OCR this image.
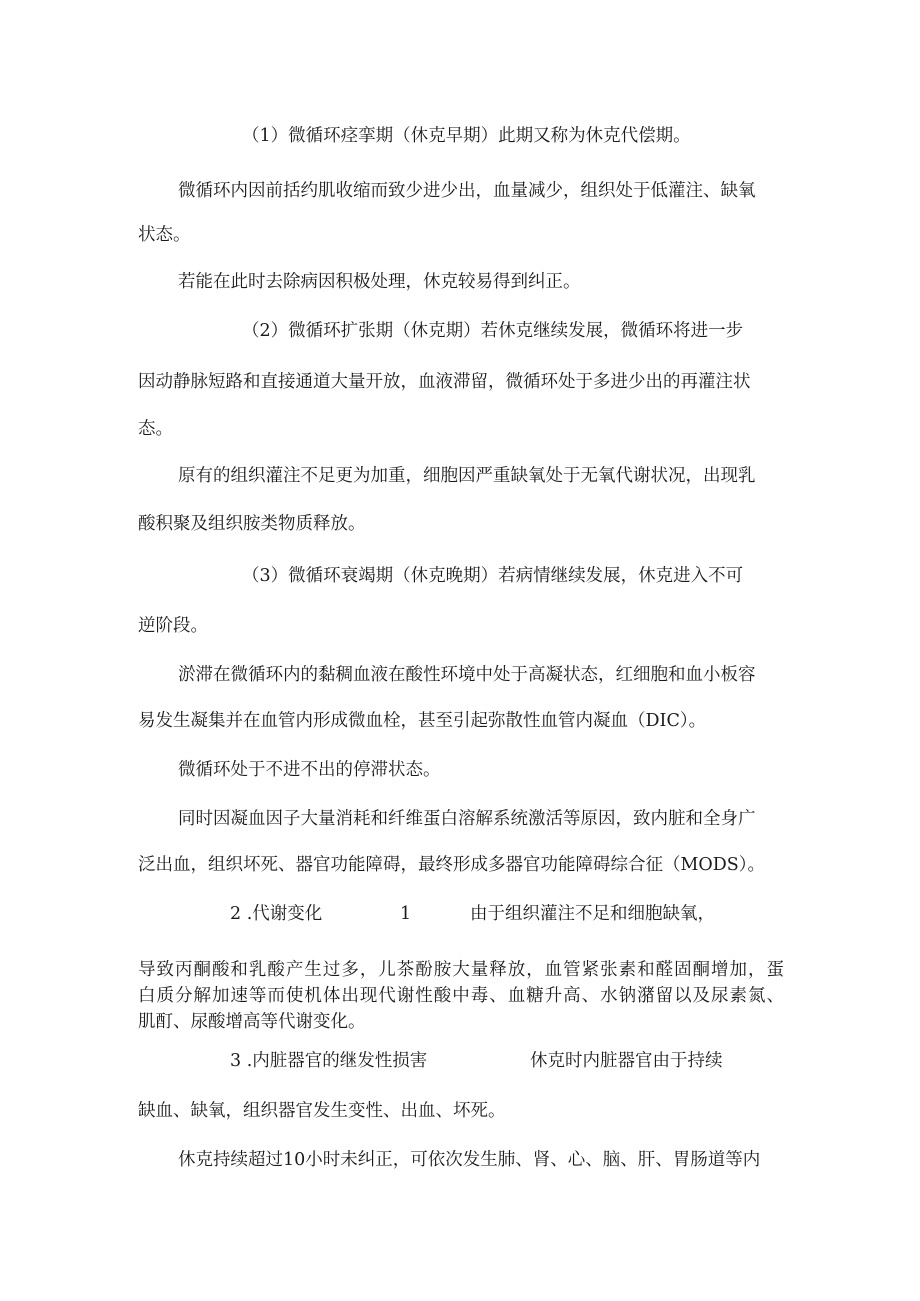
（1）微循环痉挛期（休克早期）此期又称为休克代偿期。
微循环内因前括约肌收缩而致少进少出，血量减少，组织处于低灌注、缺氧
状态。
若能在此时去除病因积极处理，休克较易得到纠正。
（2）微循环扩张期（休克期）若休克继续发展，微循环将进一步
因动静脉短路和直接通道大量开放，血液滞留，微循环处于多进少出的再灌注状
态。
原有的组织灌注不足更为加重，细胞因严重缺氧处于无氧代谢状况，出现乳
酸积聚及组织胺类物质释放。
（3）微循环衰竭期（休克晚期）若病情继续发展，休克进入不可
逆阶段。
淤滞在微循环内的黏稠血液在酸性环境中处于高凝状态，红细胞和血小板容
易发生凝集并在血管内形成微血栓，甚至引起弥散性血管内凝血（DIC）。
微循环处于不进不出的停滞状态。
同时因凝血因子大量消耗和纤维蛋白溶解系统激活等原因，致内脏和全身广
泛出血，组织坏死、器官功能障碍，最终形成多器官功能障碍综合征（MODS）。
2 .代谢变化	1	由于组织灌注不足和细胞缺氧，
导致丙酮酸和乳酸产生过多，儿茶酚胺大量释放，血管紧张素和醛固酮增加，蛋
白质分解加速等而使机体出现代谢性酸中毒、血糖升高、水钠潴留以及尿素氮、
肌酊、尿酸增高等代谢变化。
3 .内脏器官的继发性损害	休克时内脏器官由于持续
缺血、缺氧，组织器官发生变性、出血、坏死。
休克持续超过10小时未纠正，可依次发生肺、肾、心、脑、肝、胃肠道等内
